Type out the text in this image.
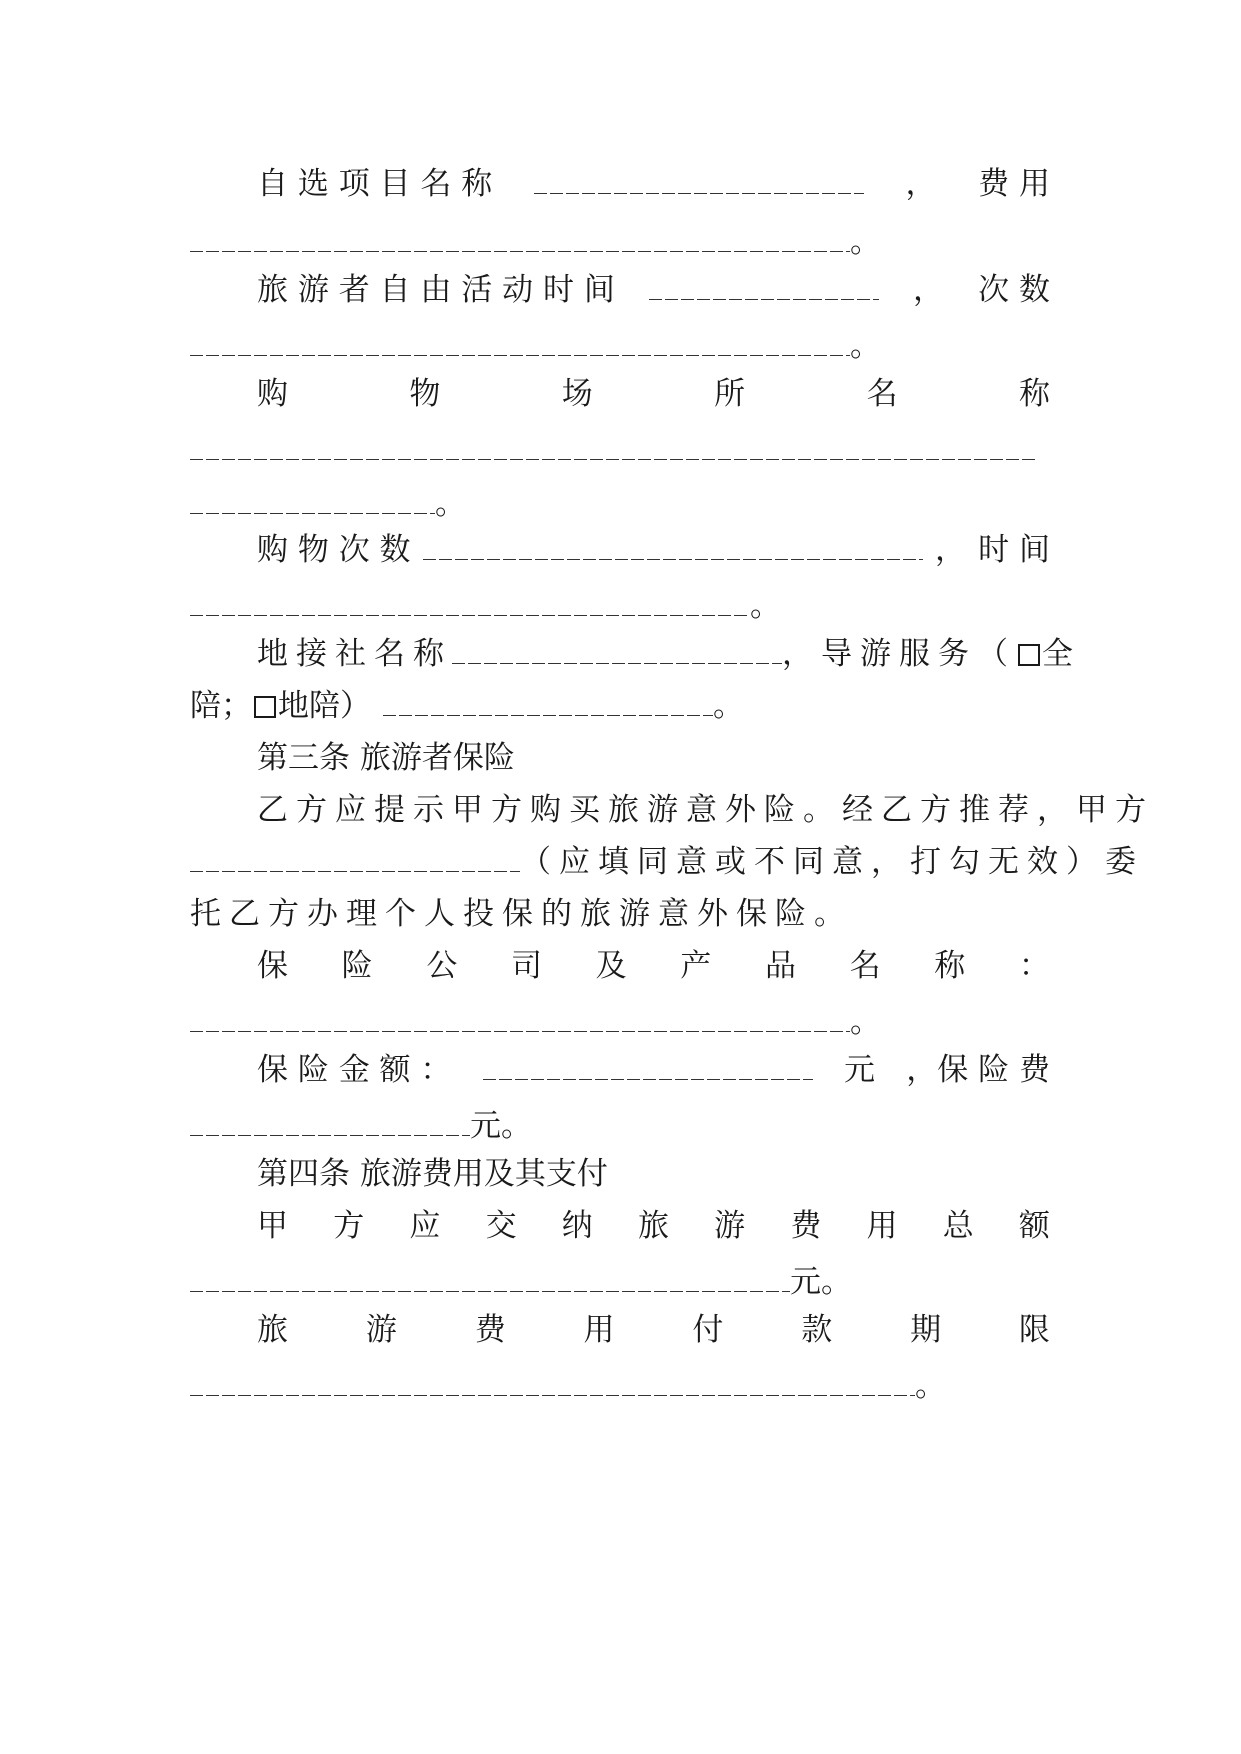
自 选 项 目 名 称	， 费 用
。
旅 游 者 自 由 活 动 时 间	， 次 数
。
购	物	场	所	名	称
。
购 物 次 数	， 时 间
。
地接社名称	，导游服务（ 全
陪； 地陪）	。
第三条 旅游者保险
乙方应提示甲方购买旅游意外险。经乙方推荐，甲方
（应填同意或不同意，打勾无效）委
托乙方办理个人投保的旅游意外保险。
保 险 公 司 及 产 品 名 称 ：
。
保 险 金 额 ：	元 ，保 险 费
元。
第四条 旅游费用及其支付
甲 方 应 交 纳 旅 游 费 用 总 额
元。
旅	游	费	用	付	款	期	限
。
